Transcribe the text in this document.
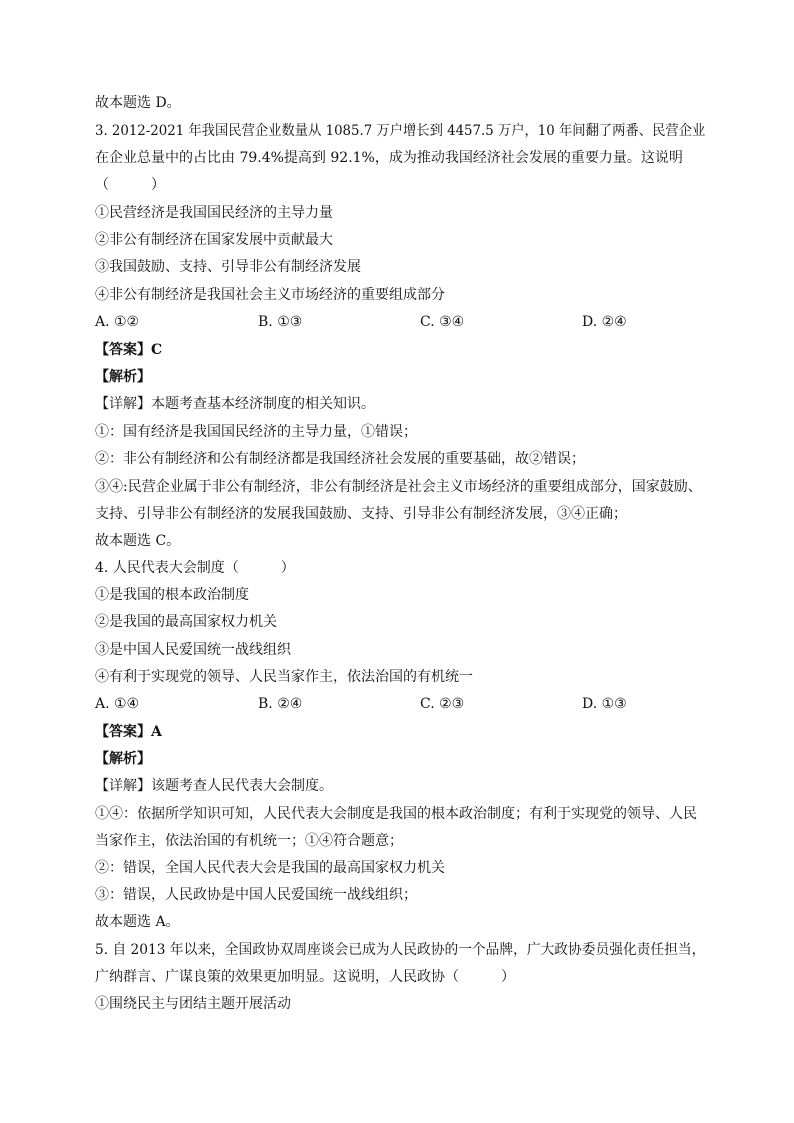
故本题选 D。
3. 2012-2021 年我国民营企业数量从 1085.7 万户增长到 4457.5 万户，10 年间翻了两番、民营企业
在企业总量中的占比由 79.4%提高到 92.1%，成为推动我国经济社会发展的重要力量。这说明
（　　　）
①民营经济是我国国民经济的主导力量
②非公有制经济在国家发展中贡献最大
③我国鼓励、支持、引导非公有制经济发展
④非公有制经济是我国社会主义市场经济的重要组成部分
A. ①②	B. ①③	C. ③④	D. ②④
【答案】C
【解析】
【详解】本题考查基本经济制度的相关知识。
①：国有经济是我国国民经济的主导力量，①错误；
②：非公有制经济和公有制经济都是我国经济社会发展的重要基础，故②错误；
③④:民营企业属于非公有制经济，非公有制经济是社会主义市场经济的重要组成部分，国家鼓励、
支持、引导非公有制经济的发展我国鼓励、支持、引导非公有制经济发展，③④正确；
故本题选 C。
4. 人民代表大会制度（　　　）
①是我国的根本政治制度
②是我国的最高国家权力机关
③是中国人民爱国统一战线组织
④有利于实现党的领导、人民当家作主，依法治国的有机统一
A. ①④	B. ②④	C. ②③	D. ①③
【答案】A
【解析】
【详解】该题考查人民代表大会制度。
①④：依据所学知识可知，人民代表大会制度是我国的根本政治制度；有利于实现党的领导、人民
当家作主，依法治国的有机统一；①④符合题意；
②：错误，全国人民代表大会是我国的最高国家权力机关
③：错误，人民政协是中国人民爱国统一战线组织；
故本题选 A。
5. 自 2013 年以来，全国政协双周座谈会已成为人民政协的一个品牌，广大政协委员强化责任担当，
广纳群言、广谋良策的效果更加明显。这说明，人民政协（　　　）
①围绕民主与团结主题开展活动
